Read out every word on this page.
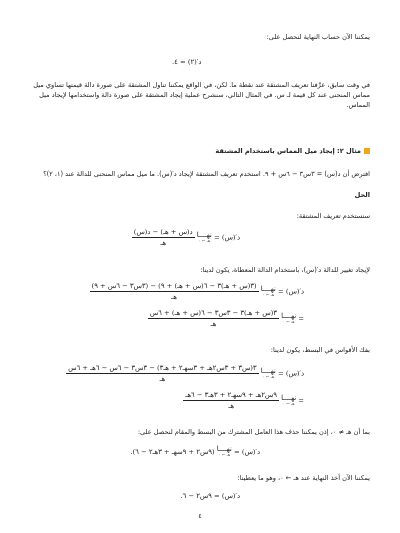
يمكننا الآن حساب النهاية لنحصل على:
د′(٢) = ٤.
في وقت سابق، عرَّفنا تعريف المشتقة عند نقطة ما. لكن، في الواقع يمكننا تناول المشتقة على صورة دالة قيمتها تساوي ميل مماس المنحنى عند كل قيمة لـ س. في المثال التالي، سنشرح عملية إيجاد المشتقة على صورة دالة واستخدامها لإيجاد ميل المماس.
مثال ٢: إيجاد ميل المماس باستخدام المشتقة
افترض أن د(س) = ٣س٣ − ٦س + ٩. استخدم تعريف المشتقة لإيجاد د′(س). ما ميل مماس المنحنى للدالة عند (١، ٢)؟
الحل
سنستخدم تعريف المشتقة:
د′(س) =
نهــــا
هـ ← ٠

$\frac{\text{د(س + هـ) − د(س)}}{\text{هـ}}$
لإيجاد تغيير للدالة د′(س)، باستخدام الدالة المعطاة، يكون لدينا:
د′(س) =
نهــــا
هـ ← ٠

$\frac{\text{(٣(س + هـ)٣ − ٦(س + هـ) + ٩) − (٣س٣ − ٦س + ٩)}}{\text{هـ}}$
=
نهــــا
هـ ← ٠

$\frac{\text{٣(س + هـ)٣ − ٣س٣ − ٦(س + هـ) + ٦س}}{\text{هـ}}$
بفك الأقواس في البسط، يكون لدينا:
د′(س) =
نهــــا
هـ ← ٠

$\frac{\text{٣(س٣ + ٣س٢هـ + ٣سهـ٢ + هـ٣) − ٣س٣ − ٦س − ٦هـ + ٦س}}{\text{هـ}}$
=
نهــــا
هـ ← ٠

$\frac{\text{٩س٢هـ + ٩سهـ٢ + ٣هـ٣ − ٦هـ}}{\text{هـ}}$
بما أن هـ ≠ ٠، إذن يمكننا حذف هذا العامل المشترك من البسط والمقام لنحصل على:
د′(س) =
نهــــا
هـ ← ٠
(٩س٢ + ٩سهـ + ٣هـ٢ − ٦).
يمكننا الآن أخذ النهاية عند هـ ← ٠، وهو ما يعطينا:
د′(س) = ٩س٢ − ٦.
٤
